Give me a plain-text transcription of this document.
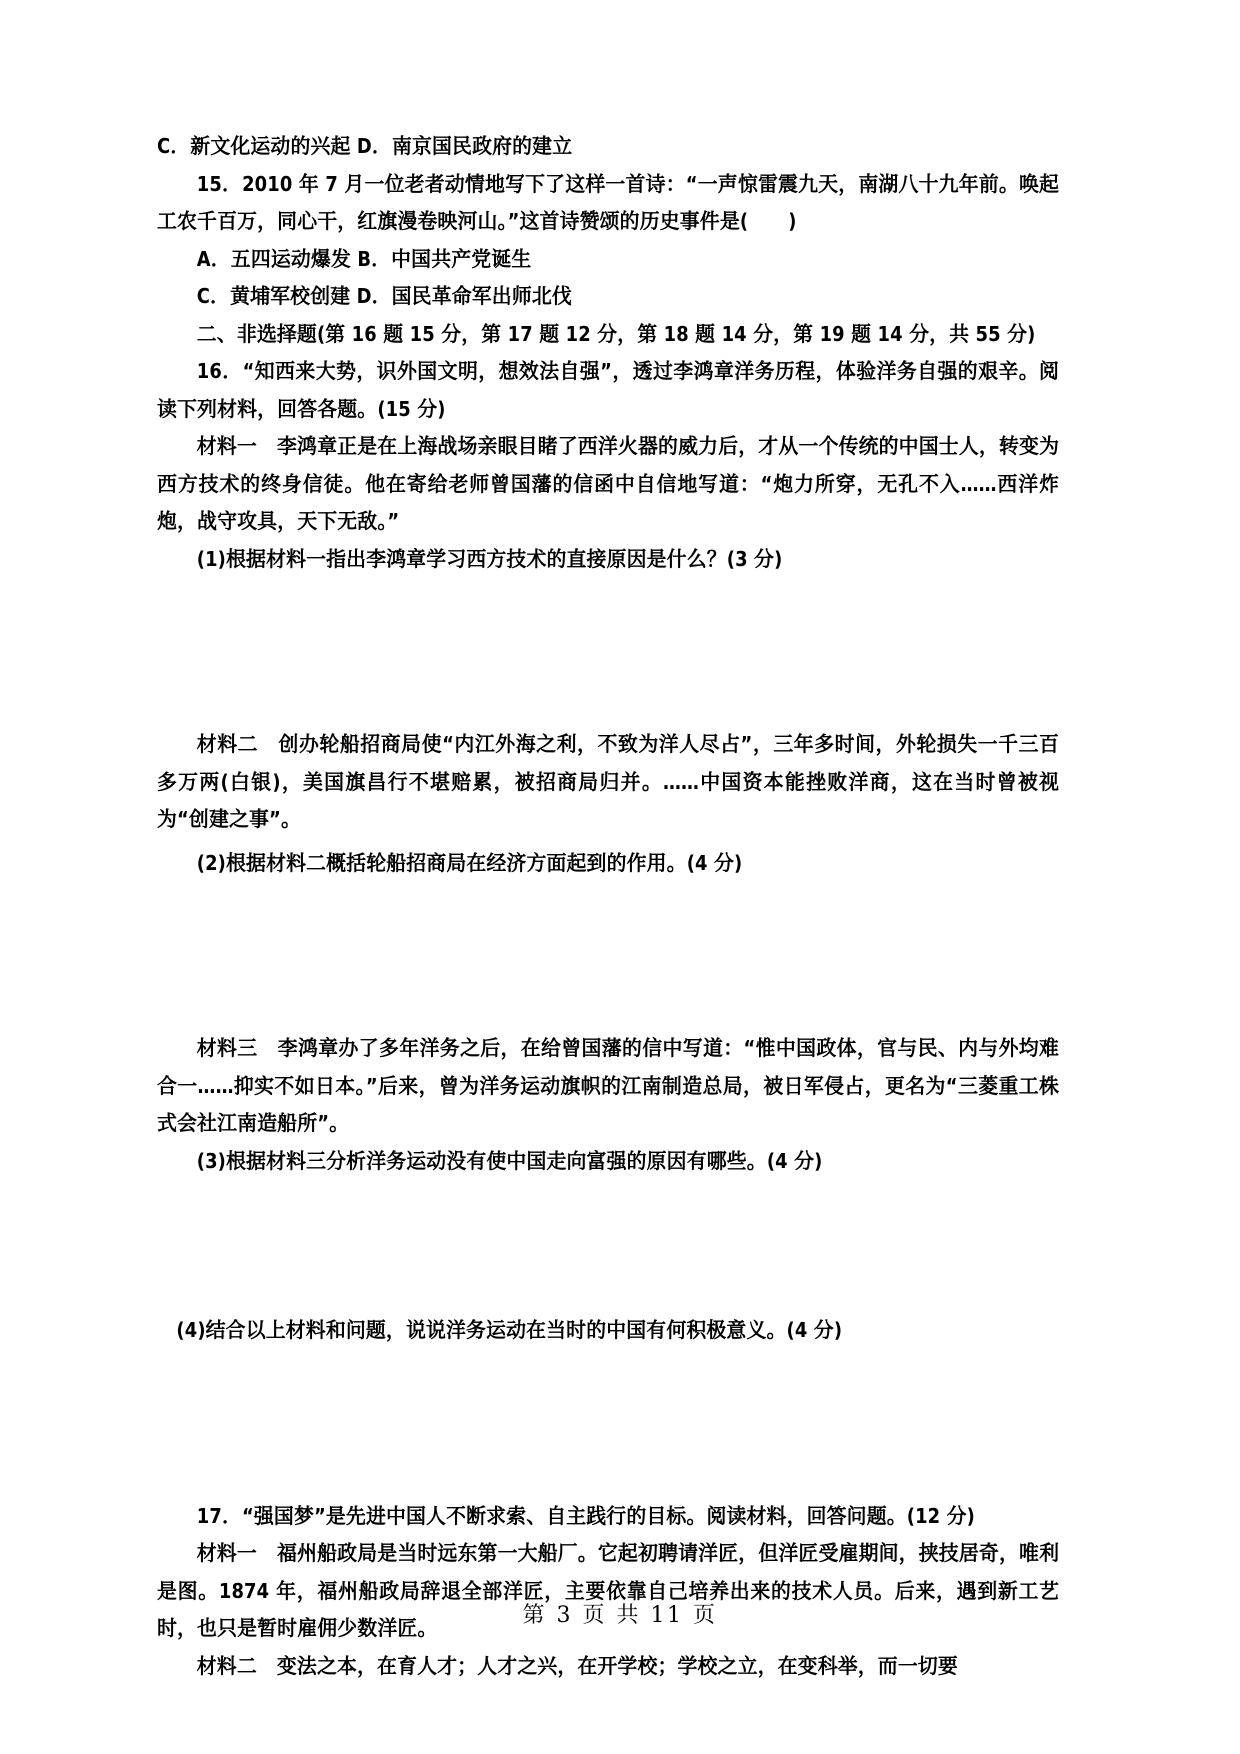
C．新文化运动的兴起 D．南京国民政府的建立

15．2010 年 7 月一位老者动情地写下了这样一首诗：“一声惊雷震九天，南湖八十九年前。唤起工农千百万，同心干，红旗漫卷映河山。”这首诗赞颂的历史事件是(　　)

A．五四运动爆发 B．中国共产党诞生

C．黄埔军校创建 D．国民革命军出师北伐

二、非选择题(第 16 题 15 分，第 17 题 12 分，第 18 题 14 分，第 19 题 14 分，共 55 分)

16．“知西来大势，识外国文明，想效法自强”，透过李鸿章洋务历程，体验洋务自强的艰辛。阅读下列材料，回答各题。(15 分)

材料一　李鸿章正是在上海战场亲眼目睹了西洋火器的威力后，才从一个传统的中国士人，转变为西方技术的终身信徒。他在寄给老师曾国藩的信函中自信地写道：“炮力所穿，无孔不入……西洋炸炮，战守攻具，天下无敌。”

(1)根据材料一指出李鸿章学习西方技术的直接原因是什么？(3 分)

材料二　创办轮船招商局使“内江外海之利，不致为洋人尽占”，三年多时间，外轮损失一千三百多万两(白银)，美国旗昌行不堪赔累，被招商局归并。……中国资本能挫败洋商，这在当时曾被视为“创建之事”。

(2)根据材料二概括轮船招商局在经济方面起到的作用。(4 分)

材料三　李鸿章办了多年洋务之后，在给曾国藩的信中写道：“惟中国政体，官与民、内与外均难合一……抑实不如日本。”后来，曾为洋务运动旗帜的江南制造总局，被日军侵占，更名为“三菱重工株式会社江南造船所”。

(3)根据材料三分析洋务运动没有使中国走向富强的原因有哪些。(4 分)

(4)结合以上材料和问题，说说洋务运动在当时的中国有何积极意义。(4 分)

17．“强国梦”是先进中国人不断求索、自主践行的目标。阅读材料，回答问题。(12 分)

材料一　福州船政局是当时远东第一大船厂。它起初聘请洋匠，但洋匠受雇期间，挟技居奇，唯利是图。1874 年，福州船政局辞退全部洋匠，主要依靠自己培养出来的技术人员。后来，遇到新工艺时，也只是暂时雇佣少数洋匠。

材料二　变法之本，在育人才；人才之兴，在开学校；学校之立，在变科举，而一切要

第 3 页 共 11 页
